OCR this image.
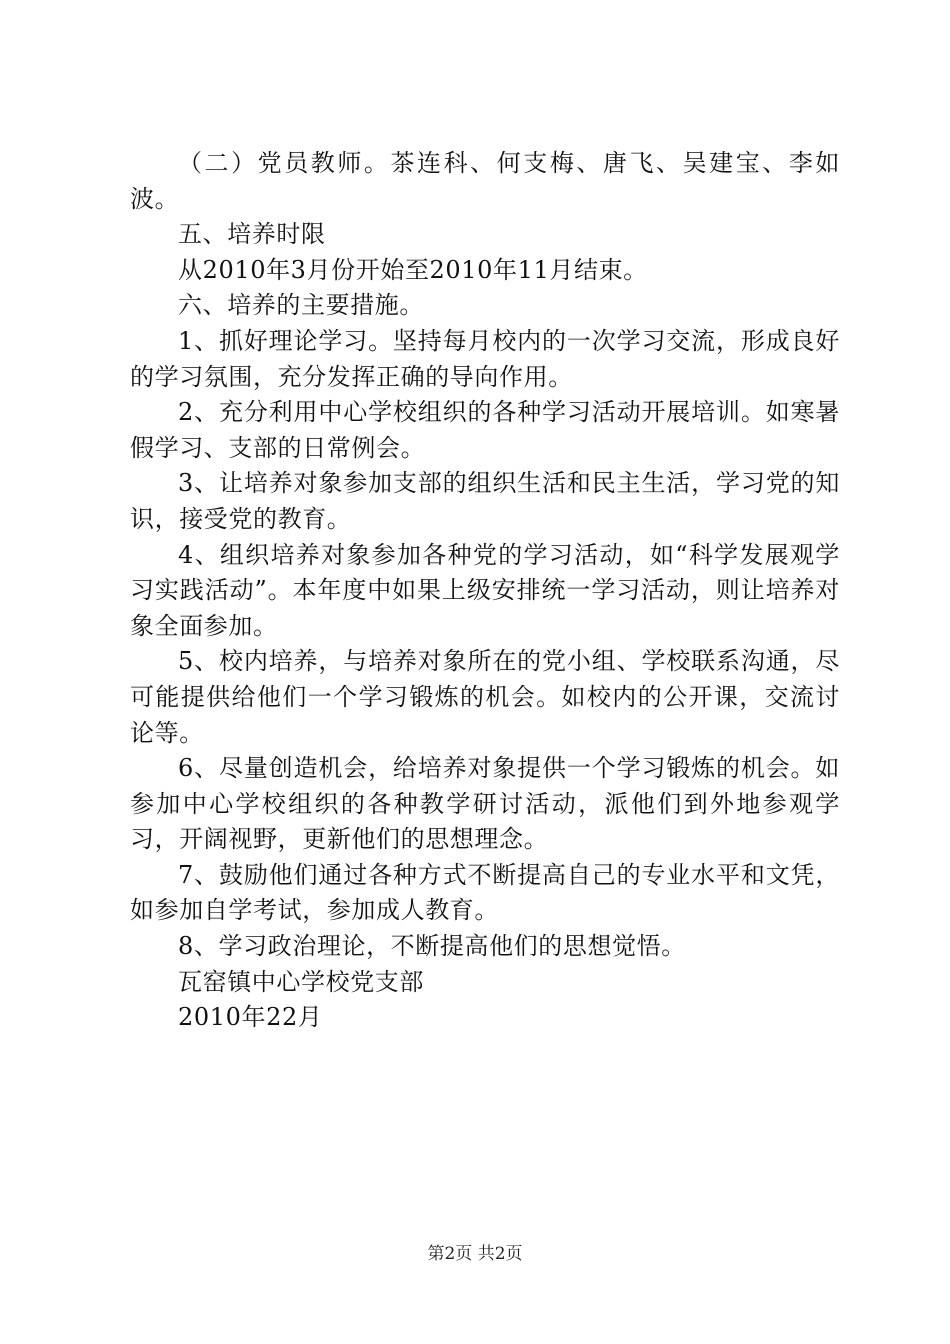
（二）党员教师。茶连科、何支梅、唐飞、吴建宝、李如波。

五、培养时限

从2010年3月份开始至2010年11月结束。

六、培养的主要措施。

1、抓好理论学习。坚持每月校内的一次学习交流，形成良好的学习氛围，充分发挥正确的导向作用。

2、充分利用中心学校组织的各种学习活动开展培训。如寒暑假学习、支部的日常例会。

3、让培养对象参加支部的组织生活和民主生活，学习党的知识，接受党的教育。

4、组织培养对象参加各种党的学习活动，如“科学发展观学习实践活动”。本年度中如果上级安排统一学习活动，则让培养对象全面参加。

5、校内培养，与培养对象所在的党小组、学校联系沟通，尽可能提供给他们一个学习锻炼的机会。如校内的公开课，交流讨论等。

6、尽量创造机会，给培养对象提供一个学习锻炼的机会。如参加中心学校组织的各种教学研讨活动，派他们到外地参观学习，开阔视野，更新他们的思想理念。

7、鼓励他们通过各种方式不断提高自己的专业水平和文凭，如参加自学考试，参加成人教育。

8、学习政治理论，不断提高他们的思想觉悟。

瓦窑镇中心学校党支部

2010年22月

第2页 共2页
